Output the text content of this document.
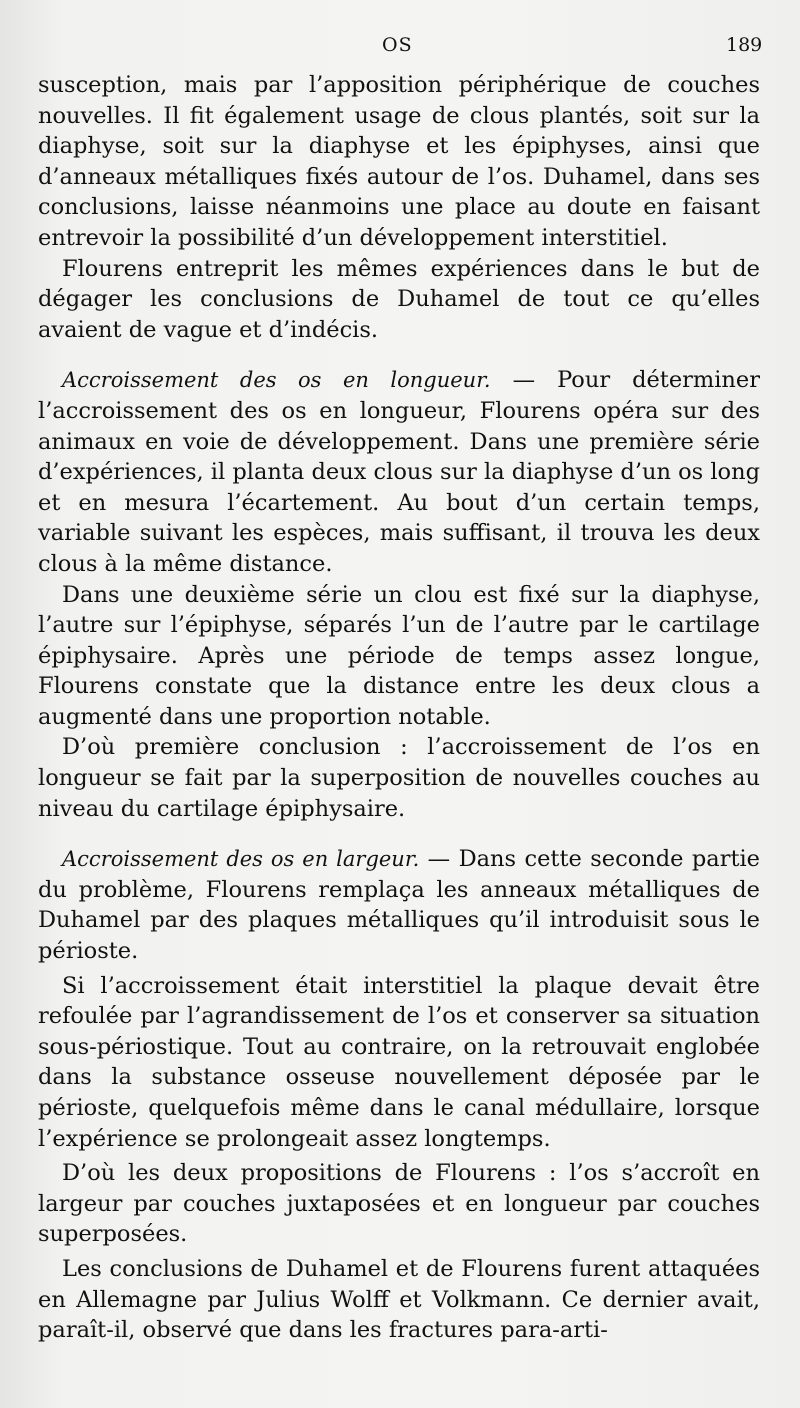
OS	189

susception, mais par l’apposition périphérique de couches nouvelles. Il fit également usage de clous plantés, soit sur la diaphyse, soit sur la diaphyse et les épiphyses, ainsi que d’anneaux métalliques fixés autour de l’os. Duhamel, dans ses conclusions, laisse néanmoins une place au doute en faisant entrevoir la possibilité d’un développement interstitiel.

Flourens entreprit les mêmes expériences dans le but de dégager les conclusions de Duhamel de tout ce qu’elles avaient de vague et d’indécis.

Accroissement des os en longueur. — Pour déterminer l’accroissement des os en longueur, Flourens opéra sur des animaux en voie de développement. Dans une première série d’expériences, il planta deux clous sur la diaphyse d’un os long et en mesura l’écartement. Au bout d’un certain temps, variable suivant les espèces, mais suffisant, il trouva les deux clous à la même distance.

Dans une deuxième série un clou est fixé sur la diaphyse, l’autre sur l’épiphyse, séparés l’un de l’autre par le cartilage épiphysaire. Après une période de temps assez longue, Flourens constate que la distance entre les deux clous a augmenté dans une proportion notable.

D’où première conclusion : l’accroissement de l’os en longueur se fait par la superposition de nouvelles couches au niveau du cartilage épiphysaire.

Accroissement des os en largeur. — Dans cette seconde partie du problème, Flourens remplaça les anneaux métalliques de Duhamel par des plaques métalliques qu’il introduisit sous le périoste.

Si l’accroissement était interstitiel la plaque devait être refoulée par l’agrandissement de l’os et conserver sa situation sous-périostique. Tout au contraire, on la retrouvait englobée dans la substance osseuse nouvellement déposée par le périoste, quelquefois même dans le canal médullaire, lorsque l’expérience se prolongeait assez longtemps.

D’où les deux propositions de Flourens : l’os s’accroît en largeur par couches juxtaposées et en longueur par couches superposées.

Les conclusions de Duhamel et de Flourens furent attaquées en Allemagne par Julius Wolff et Volkmann. Ce dernier avait, paraît-il, observé que dans les fractures para-arti-
